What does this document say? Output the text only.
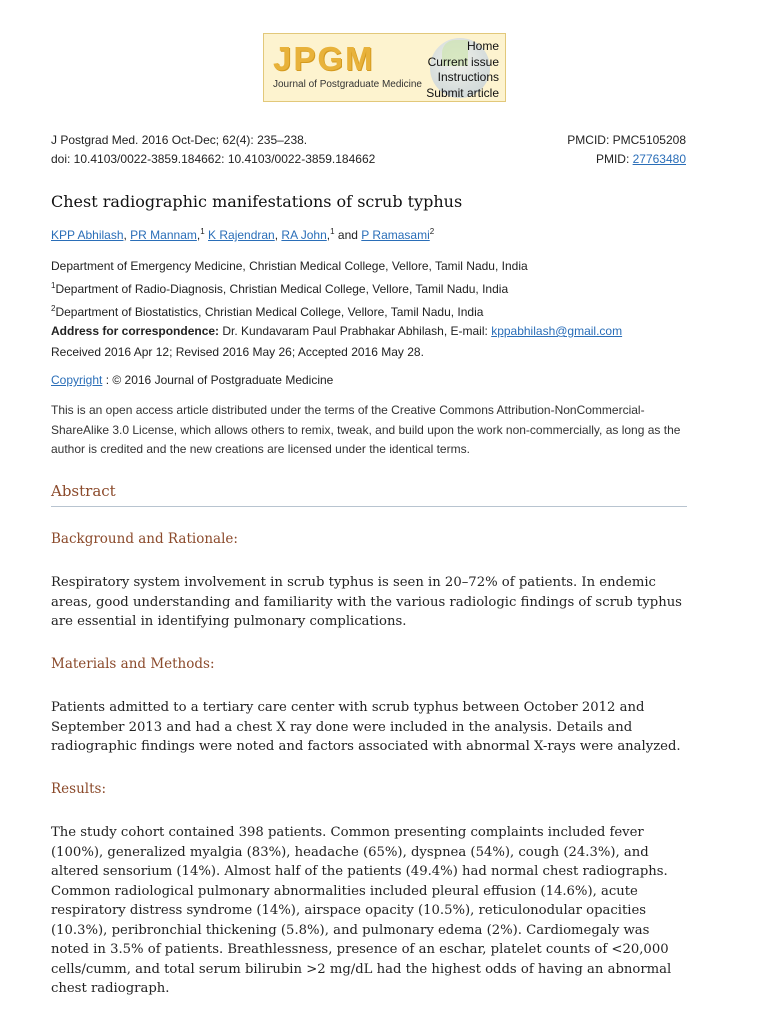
JPGM
Journal of Postgraduate Medicine
Home
Current issue
Instructions
Submit article
J Postgrad Med. 2016 Oct-Dec; 62(4): 235–238.
doi: 10.4103/0022-3859.184662: 10.4103/0022-3859.184662
PMCID: PMC5105208
PMID: 27763480
Chest radiographic manifestations of scrub typhus
KPP Abhilash, PR Mannam,$^1$ K Rajendran, RA John,$^1$ and P Ramasami$^2$
Department of Emergency Medicine, Christian Medical College, Vellore, Tamil Nadu, India
$^1$Department of Radio-Diagnosis, Christian Medical College, Vellore, Tamil Nadu, India
$^2$Department of Biostatistics, Christian Medical College, Vellore, Tamil Nadu, India
Address for correspondence: Dr. Kundavaram Paul Prabhakar Abhilash, E-mail: kppabhilash@gmail.com
Received 2016 Apr 12; Revised 2016 May 26; Accepted 2016 May 28.
Copyright : © 2016 Journal of Postgraduate Medicine
This is an open access article distributed under the terms of the Creative Commons Attribution-NonCommercial-ShareAlike 3.0 License, which allows others to remix, tweak, and build upon the work non-commercially, as long as the author is credited and the new creations are licensed under the identical terms.
Abstract
Background and Rationale:
Respiratory system involvement in scrub typhus is seen in 20–72% of patients. In endemic areas, good understanding and familiarity with the various radiologic findings of scrub typhus are essential in identifying pulmonary complications.
Materials and Methods:
Patients admitted to a tertiary care center with scrub typhus between October 2012 and September 2013 and had a chest X ray done were included in the analysis. Details and radiographic findings were noted and factors associated with abnormal X-rays were analyzed.
Results:
The study cohort contained 398 patients. Common presenting complaints included fever (100%), generalized myalgia (83%), headache (65%), dyspnea (54%), cough (24.3%), and altered sensorium (14%). Almost half of the patients (49.4%) had normal chest radiographs. Common radiological pulmonary abnormalities included pleural effusion (14.6%), acute respiratory distress syndrome (14%), airspace opacity (10.5%), reticulonodular opacities (10.3%), peribronchial thickening (5.8%), and pulmonary edema (2%). Cardiomegaly was noted in 3.5% of patients. Breathlessness, presence of an eschar, platelet counts of <20,000 cells/cumm, and total serum bilirubin >2 mg/dL had the highest odds of having an abnormal chest radiograph.
